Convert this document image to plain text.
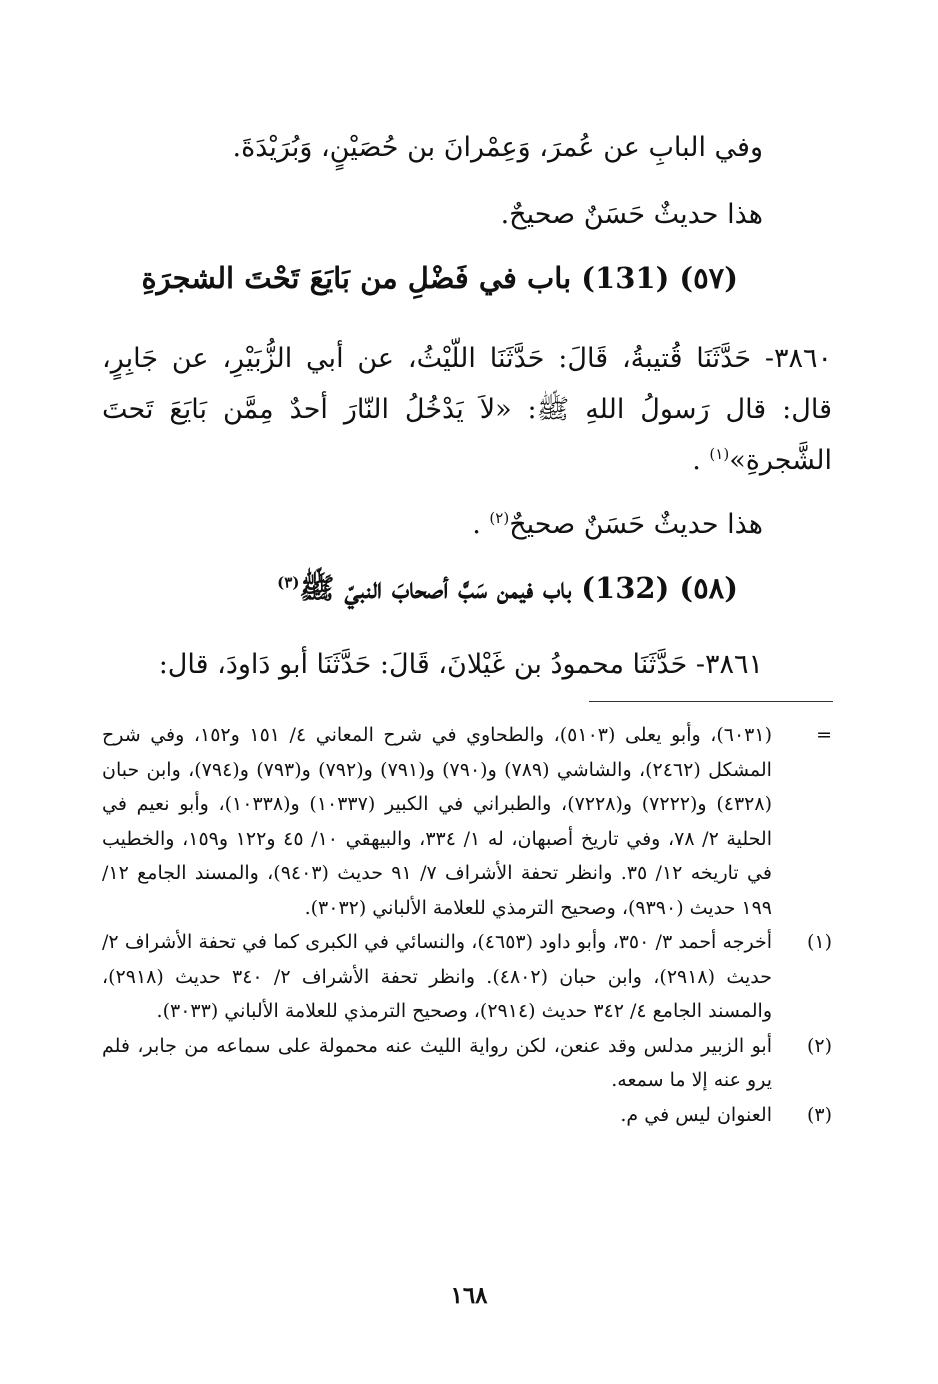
وفي البابِ عن عُمرَ، وَعِمْرانَ بن حُصَيْنٍ، وَبُرَيْدَةَ.
هذا حديثٌ حَسَنٌ صحيحٌ.
(٥٧) (131) باب في فَضْلِ من بَايَعَ تَحْتَ الشجرَةِ

٣٨٦٠- حَدَّثَنَا قُتيبةُ، قَالَ: حَدَّثَنَا اللّيْثُ، عن أبي الزُّبَيْرِ، عن جَابِرٍ، قال: قال رَسولُ اللهِ ﷺ: «لاَ يَدْخُلُ النّارَ أحدٌ مِمَّن بَايَعَ تَحتَ الشَّجرةِ»$^{(١)}$ .

هذا حديثٌ حَسَنٌ صحيحٌ$^{(٢)}$ .
(٥٨) (132) باب فيمن سَبَّ أصحابَ النبيّ ﷺ$^{(٣)}$
٣٨٦١- حَدَّثَنَا محمودُ بن غَيْلانَ، قَالَ: حَدَّثَنَا أبو دَاودَ، قال:
=
(٦٠٣١)، وأبو يعلى (٥١٠٣)، والطحاوي في شرح المعاني ٤/ ١٥١ و١٥٢، وفي شرح المشكل (٢٤٦٢)، والشاشي (٧٨٩) و(٧٩٠) و(٧٩١) و(٧٩٢) و(٧٩٣) و(٧٩٤)، وابن حبان (٤٣٢٨) و(٧٢٢٢) و(٧٢٢٨)، والطبراني في الكبير (١٠٣٣٧) و(١٠٣٣٨)، وأبو نعيم في الحلية ٢/ ٧٨، وفي تاريخ أصبهان، له ١/ ٣٣٤، والبيهقي ١٠/ ٤٥ و١٢٢ و١٥٩، والخطيب في تاريخه ١٢/ ٣٥. وانظر تحفة الأشراف ٧/ ٩١ حديث (٩٤٠٣)، والمسند الجامع ١٢/ ١٩٩ حديث (٩٣٩٠)، وصحيح الترمذي للعلامة الألباني (٣٠٣٢).
(١)
أخرجه أحمد ٣/ ٣٥٠، وأبو داود (٤٦٥٣)، والنسائي في الكبرى كما في تحفة الأشراف ٢/حديث (٢٩١٨)، وابن حبان (٤٨٠٢). وانظر تحفة الأشراف ٢/ ٣٤٠ حديث (٢٩١٨)، والمسند الجامع ٤/ ٣٤٢ حديث (٢٩١٤)، وصحيح الترمذي للعلامة الألباني (٣٠٣٣).
(٢)
أبو الزبير مدلس وقد عنعن، لكن رواية الليث عنه محمولة على سماعه من جابر، فلم يرو عنه إلا ما سمعه.
(٣)
العنوان ليس في م.
١٦٨
